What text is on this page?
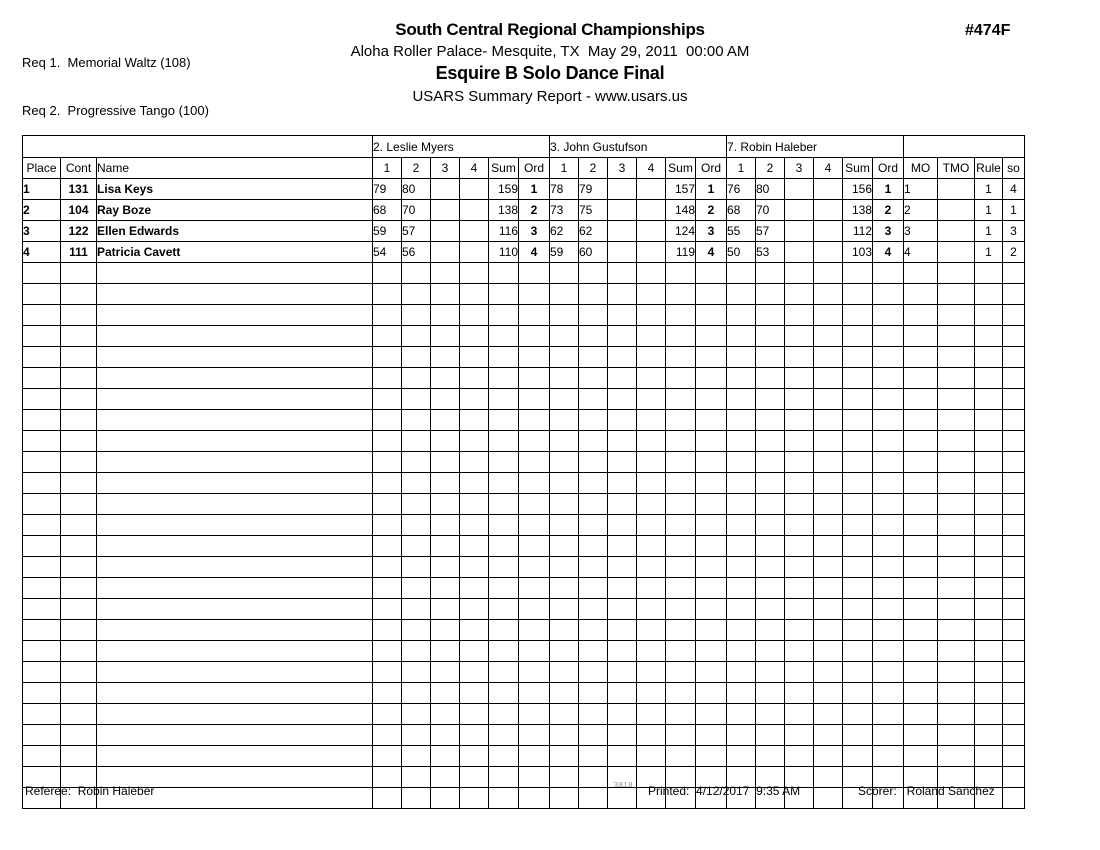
Req 1.  Memorial Waltz (108)

Req 2.  Progressive Tango (100)

South Central Regional Championships
Aloha Roller Palace- Mesquite, TX  May 29, 2011  00:00 AM
Esquire B Solo Dance Final
USARS Summary Report - www.usars.us
#474F
			2. Leslie Myers						3. John Gustufson						7. Robin Haleber									
Place	Cont	Name	1	2	3	4	Sum	Ord	1	2	3	4	Sum	Ord	1	2	3	4	Sum	Ord	MO	TMO	Rule	so
1	131	Lisa Keys	79	80			159	1	78	79			157	1	76	80			156	1	1		1	4
2	104	Ray Boze	68	70			138	2	73	75			148	2	68	70			138	2	2		1	1
3	122	Ellen Edwards	59	57			116	3	62	62			124	3	55	57			112	3	3		1	3
4	111	Patricia Cavett	54	56			110	4	59	60			119	4	50	53			103	4	4		1	2

Referee:  Robin Haleber	3.8.1.8 Printed:  4/12/2017  9:35 AM	Scorer:   Roland Sanchez
